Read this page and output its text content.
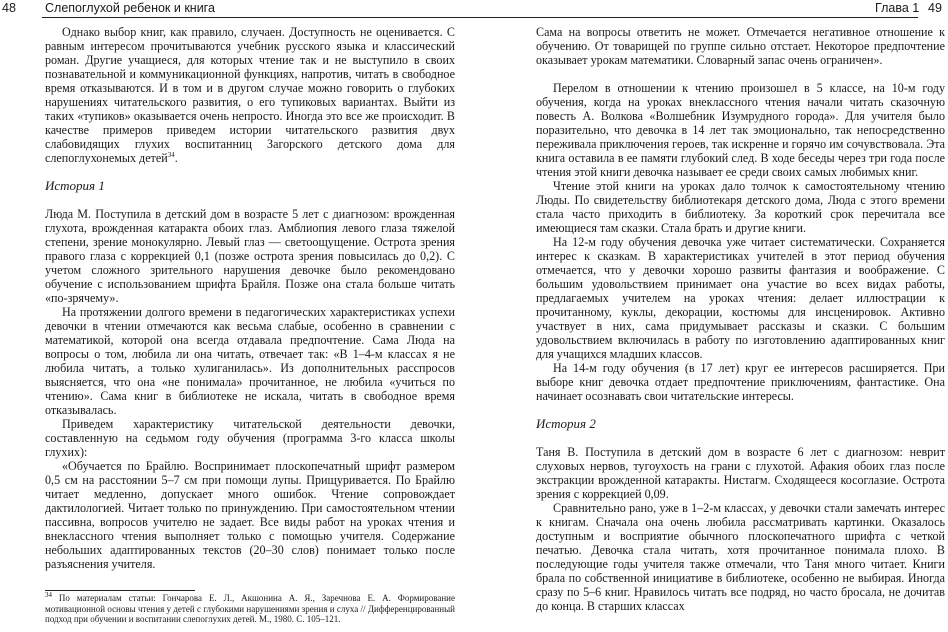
48 Слепоглухой ребенок и книга

Однако выбор книг, как правило, случаен. Доступность не оценивается. С равным интересом прочитываются учебник русского языка и классический роман. Другие учащиеся, для которых чтение так и не выступило в своих познавательной и коммуникационной функциях, напротив, читать в свободное время отказываются. И в том и в другом случае можно говорить о глубоких нарушениях читательского развития, о его тупиковых вариантах. Выйти из таких «тупиков» оказывается очень непросто. Иногда это все же происходит. В качестве примеров приведем истории читательского развития двух слабовидящих глухих воспитанниц Загорского детского дома для слепоглухонемых детей$^{34}$.

История 1

Люда М. Поступила в детский дом в возрасте 5 лет с диагнозом: врожденная глухота, врожденная катаракта обоих глаз. Амблиопия левого глаза тяжелой степени, зрение монокулярно. Левый глаз — светоощущение. Острота зрения правого глаза с коррекцией 0,1 (позже острота зрения повысилась до 0,2). С учетом сложного зрительного нарушения девочке было рекомендовано обучение с использованием шрифта Брайля. Позже она стала больше читать «по-зрячему».

На протяжении долгого времени в педагогических характеристиках успехи девочки в чтении отмечаются как весьма слабые, особенно в сравнении с математикой, которой она всегда отдавала предпочтение. Сама Люда на вопросы о том, любила ли она читать, отвечает так: «В 1–4-м классах я не любила читать, а только хулиганилась». Из дополнительных расспросов выясняется, что она «не понимала» прочитанное, не любила «учиться по чтению». Сама книг в библиотеке не искала, читать в свободное время отказывалась.

Приведем характеристику читательской деятельности девочки, составленную на седьмом году обучения (программа 3-го класса школы глухих):

«Обучается по Брайлю. Воспринимает плоскопечатный шрифт размером 0,5 см на расстоянии 5–7 см при помощи лупы. Прищуривается. По Брайлю читает медленно, допускает много ошибок. Чтение сопровождает дактилологией. Читает только по принуждению. При самостоятельном чтении пассивна, вопросов учителю не задает. Все виды работ на уроках чтения и внеклассного чтения выполняет только с помощью учителя. Содержание небольших адаптированных текстов (20–30 слов) понимает только после разъяснения учителя.

$^{34}$ По материалам статьи: Гончарова Е. Л., Акшонина А. Я., Заречнова Е. А. Формирование мотивационной основы чтения у детей с глубокими нарушениями зрения и слуха // Дифференцированный подход при обучении и воспитании слепоглухих детей. М., 1980. С. 105–121.
Глава 1 49

Сама на вопросы ответить не может. Отмечается негативное отношение к обучению. От товарищей по группе сильно отстает. Некоторое предпочтение оказывает урокам математики. Словарный запас очень ограничен».

Перелом в отношении к чтению произошел в 5 классе, на 10-м году обучения, когда на уроках внеклассного чтения начали читать сказочную повесть А. Волкова «Волшебник Изумрудного города». Для учителя было поразительно, что девочка в 14 лет так эмоционально, так непосредственно переживала приключения героев, так искренне и горячо им сочувствовала. Эта книга оставила в ее памяти глубокий след. В ходе беседы через три года после чтения этой книги девочка называет ее среди своих самых любимых книг.

Чтение этой книги на уроках дало толчок к самостоятельному чтению Люды. По свидетельству библиотекаря детского дома, Люда с этого времени стала часто приходить в библиотеку. За короткий срок перечитала все имеющиеся там сказки. Стала брать и другие книги.

На 12-м году обучения девочка уже читает систематически. Сохраняется интерес к сказкам. В характеристиках учителей в этот период обучения отмечается, что у девочки хорошо развиты фантазия и воображение. С большим удовольствием принимает она участие во всех видах работы, предлагаемых учителем на уроках чтения: делает иллюстрации к прочитанному, куклы, декорации, костюмы для инсценировок. Активно участвует в них, сама придумывает рассказы и сказки. С большим удовольствием включилась в работу по изготовлению адаптированных книг для учащихся младших классов.

На 14-м году обучения (в 17 лет) круг ее интересов расширяется. При выборе книг девочка отдает предпочтение приключениям, фантастике. Она начинает осознавать свои читательские интересы.

История 2

Таня В. Поступила в детский дом в возрасте 6 лет с диагнозом: неврит слуховых нервов, тугоухость на грани с глухотой. Афакия обоих глаз после экстракции врожденной катаракты. Нистагм. Сходящееся косоглазие. Острота зрения с коррекцией 0,09.

Сравнительно рано, уже в 1–2-м классах, у девочки стали замечать интерес к книгам. Сначала она очень любила рассматривать картинки. Оказалось доступным и восприятие обычного плоскопечатного шрифта с четкой печатью. Девочка стала читать, хотя прочитанное понимала плохо. В последующие годы учителя также отмечали, что Таня много читает. Книги брала по собственной инициативе в библиотеке, особенно не выбирая. Иногда сразу по 5–6 книг. Нравилось читать все подряд, но часто бросала, не дочитав до конца. В старших классах
